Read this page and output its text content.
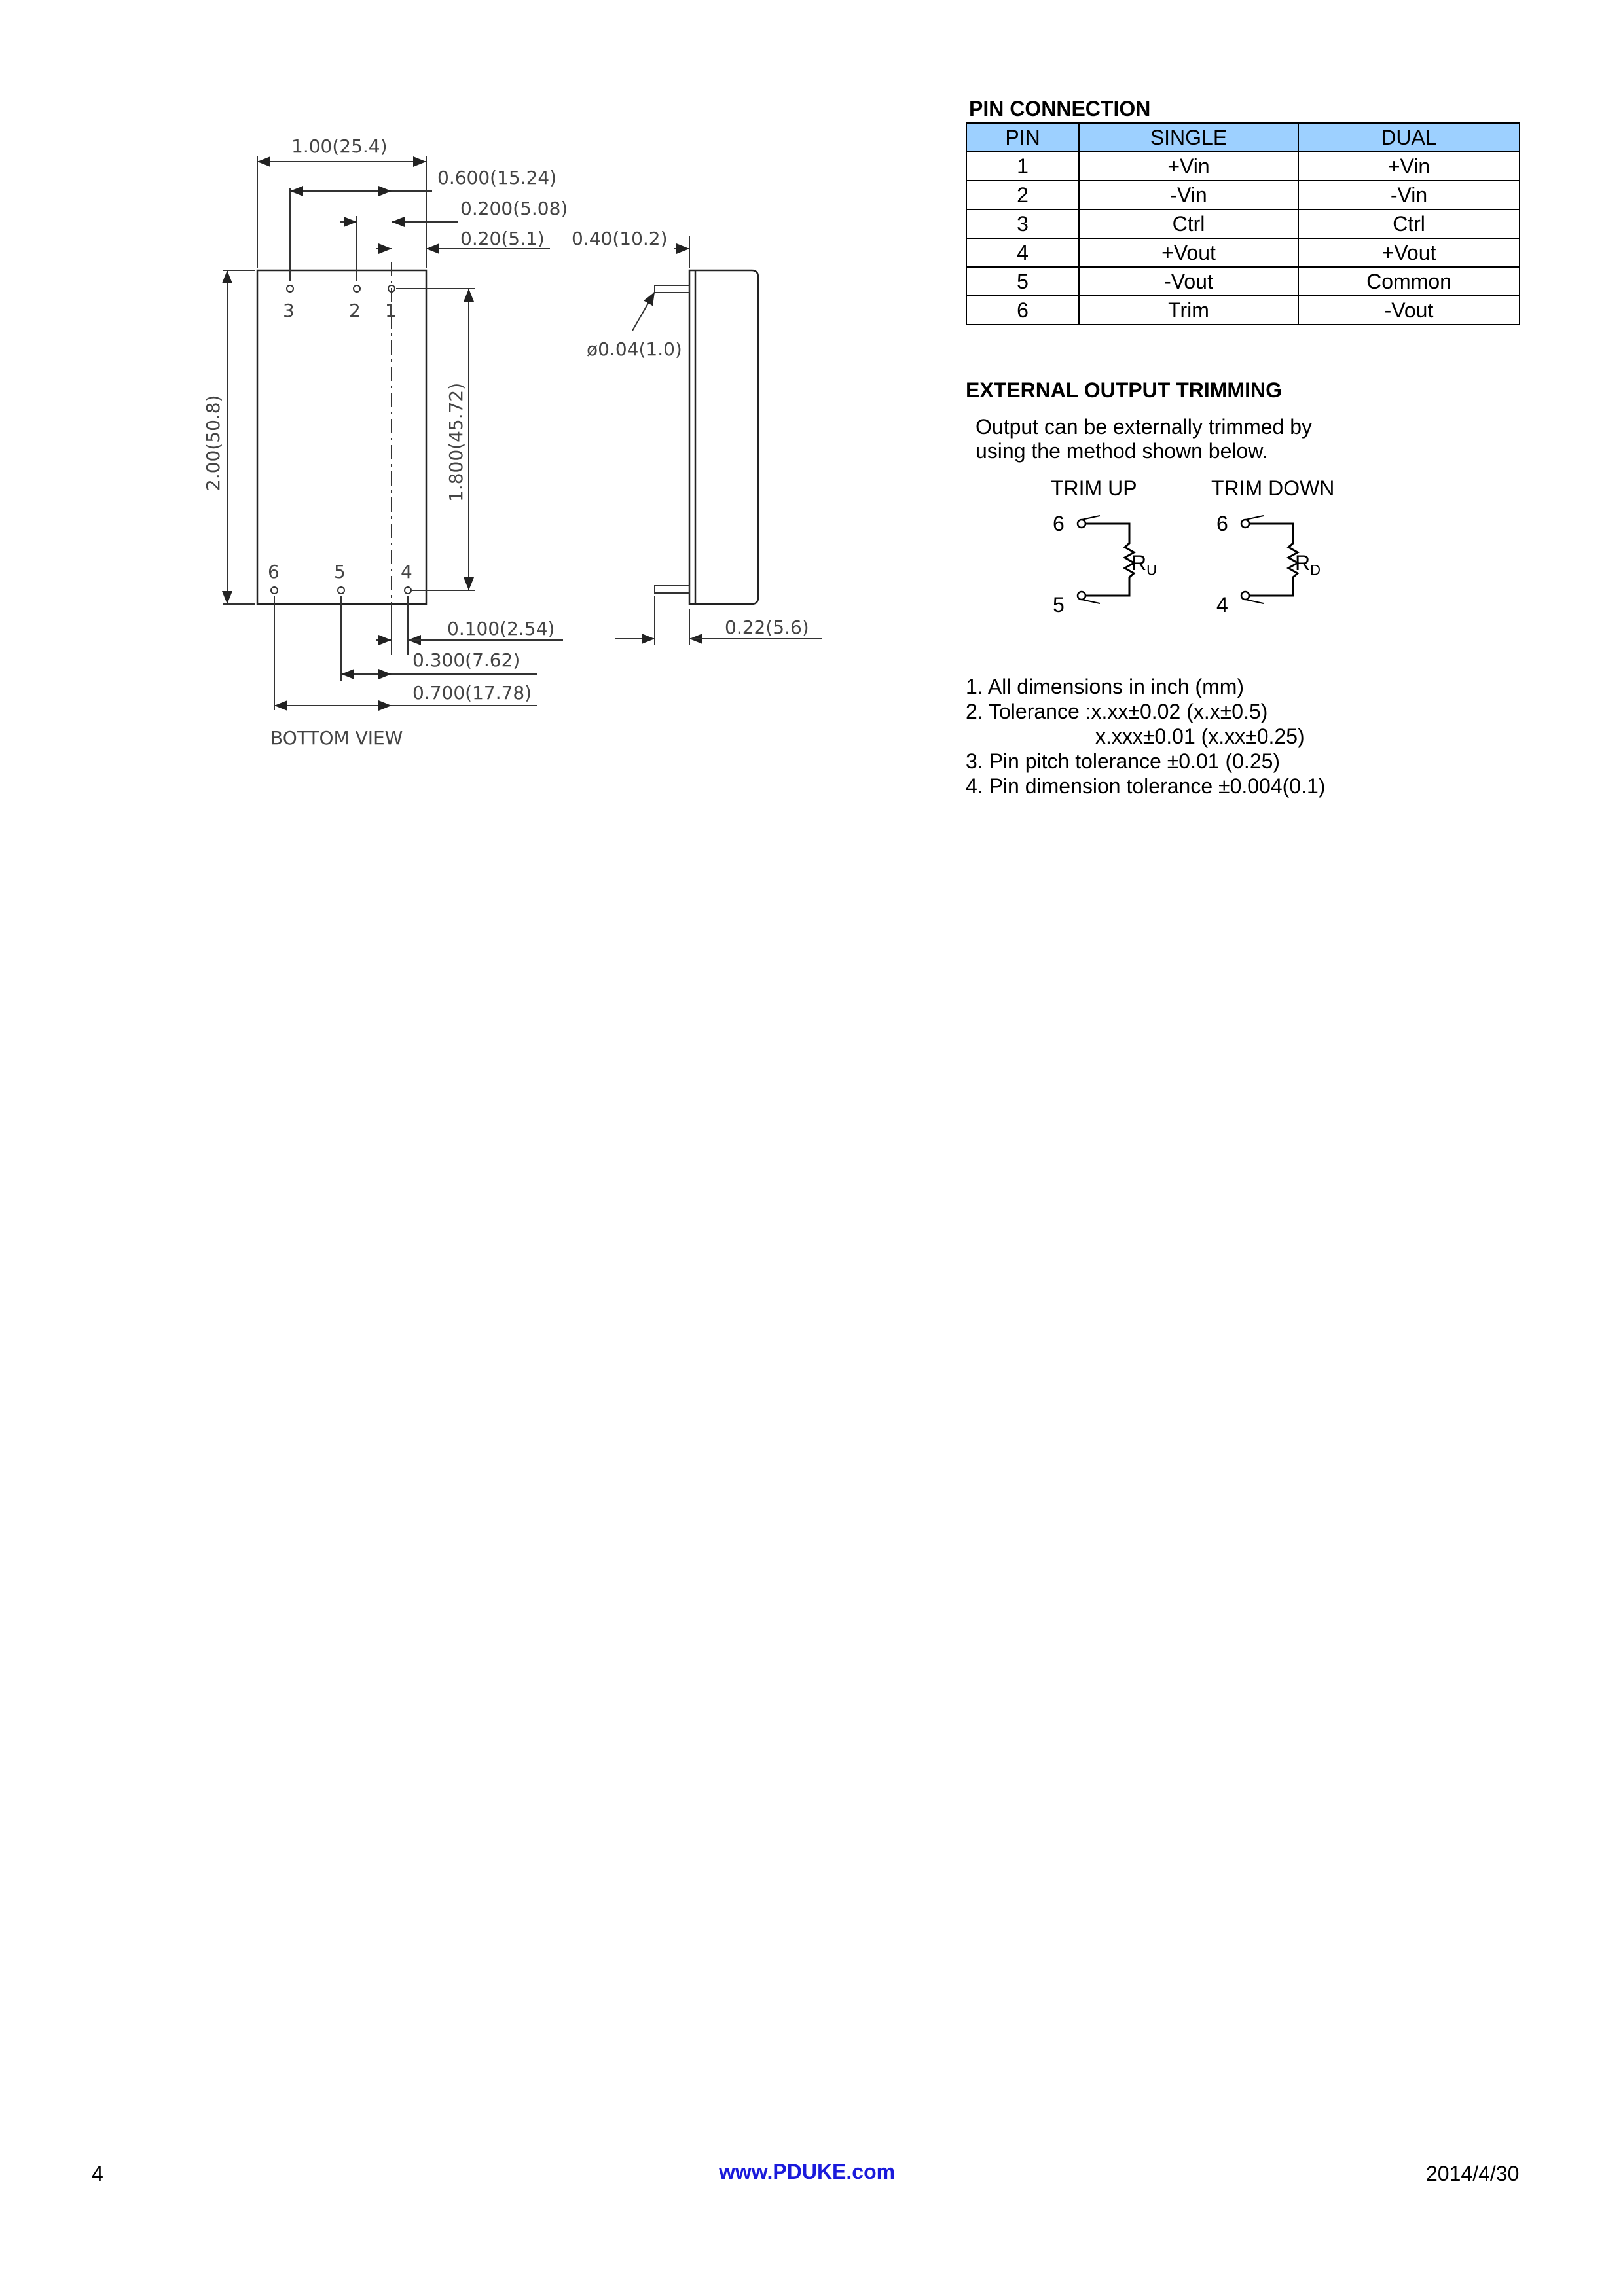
3	2 1
6	5	4
1.00(25.4)
0.600(15.24)
0.200(5.08)
0.20(5.1)
2.00(50.8)	1.800(45.72)
0.100(2.54)
0.300(7.62)
0.700(17.78)
BOTTOM VIEW
0.40(10.2)
ø0.04(1.0)
0.22(5.6)
PIN CONNECTION
PIN	SINGLE	DUAL
1	+Vin	+Vin
2	-Vin	-Vin
3	Ctrl	Ctrl
4	+Vout	+Vout
5	-Vout	Common
6	Trim	-Vout
EXTERNAL OUTPUT TRIMMING
Output can be externally trimmed by
using the method shown below.
TRIM UP	TRIM DOWN
6
5
6
4
$R_U$	$R_D$
1. All dimensions in inch (mm)
2. Tolerance :x.xx±0.02 (x.x±0.5)
x.xxx±0.01 (x.xx±0.25)
3. Pin pitch tolerance ±0.01 (0.25)
4. Pin dimension tolerance ±0.004(0.1)
4	www.PDUKE.com	2014/4/30
